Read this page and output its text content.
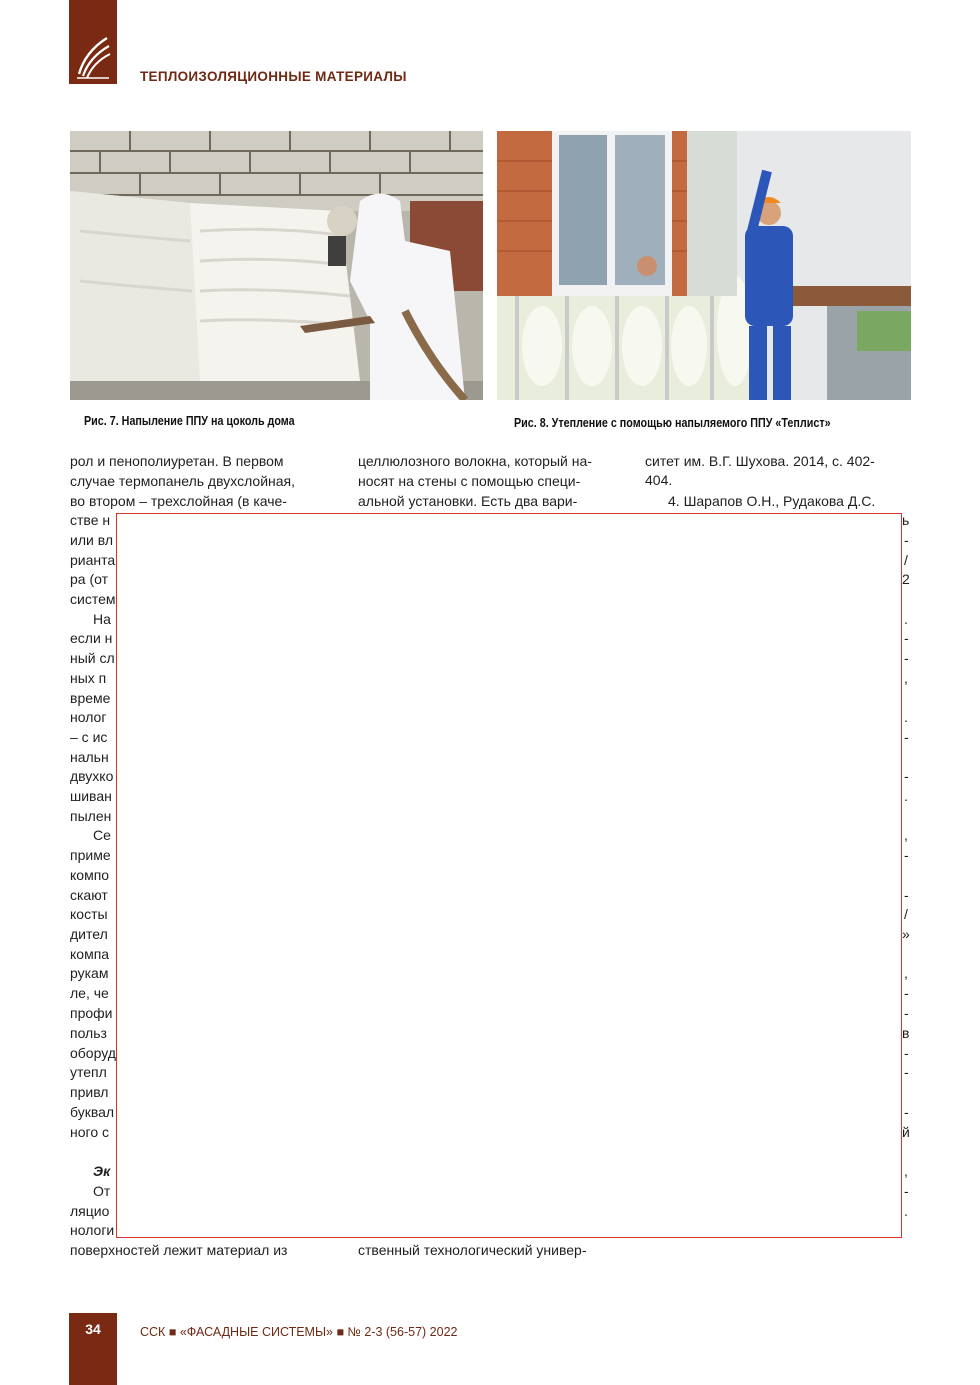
ТЕПЛОИЗОЛЯЦИОННЫЕ МАТЕРИАЛЫ
Рис. 7. Напыление ППУ на цоколь дома	Рис. 8. Утепление с помощью напыляемого ППУ «Теплист»
рол и пенополиуретан. В первом
случае термопанель двухслойная,
во втором – трехслойная (в каче-
стве н
или вл
рианта
ра (от
систем
На
если н
ный сл
ных п
време
нолог
– с ис
нальн
двухко
шиван
пылен
Се
приме
компо
скают
косты
дител
компа
рукам
ле, че
профи
польз
оборуд
утепл
привл
буквал
ного с
Эк
От
ляцио
нологи
поверхностей лежит материал из
целлюлозного волокна, который на-
носят на стены с помощью специ-
альной установки. Есть два вари-
ственный технологический универ-
ситет им. В.Г. Шухова. 2014, с. 402-
404.
4. Шарапов О.Н., Рудакова Д.С.
ь
-
/
2
.
-
-
,
.
-
-
.
,
-
-
/
»
,
-
-
в
-
-
-
й
,
-
.
34	ССК ■ «ФАСАДНЫЕ СИСТЕМЫ» ■ № 2-3 (56-57) 2022
